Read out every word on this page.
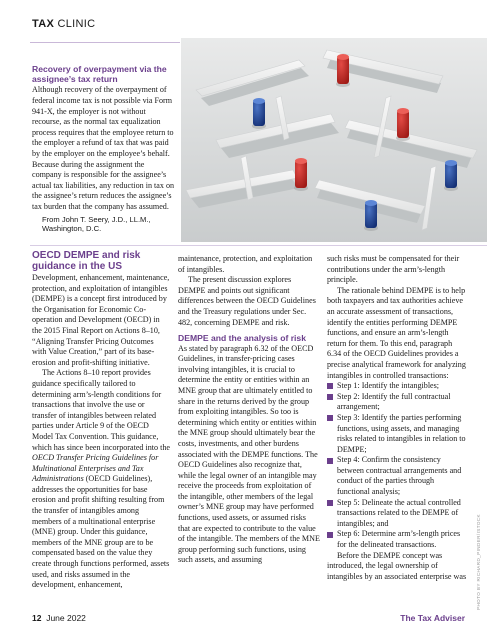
TAX CLINIC
Recovery of overpayment via the assignee’s tax return

Although recovery of the overpayment of federal income tax is not possible via Form 941-X, the employer is not without recourse, as the normal tax equalization process requires that the employee return to the employer a refund of tax that was paid by the employer on the employee’s behalf. Because during the assignment the company is responsible for the assignee’s actual tax liabilities, any reduction in tax on the assignee’s return reduces the assignee’s tax burden that the company has assumed.

From John T. Seery, J.D., LL.M.,
Washington, D.C.
OECD DEMPE and risk guidance in the US

Development, enhancement, maintenance, protection, and exploitation of intangibles (DEMPE) is a concept first introduced by the Organisation for Economic Co-operation and Development (OECD) in the 2015 Final Report on Actions 8–10, “Aligning Transfer Pricing Outcomes with Value Creation,” part of its base-erosion and profit-shifting initiative.

The Actions 8–10 report provides guidance specifically tailored to determining arm’s-length conditions for transactions that involve the use or transfer of intangibles between related parties under Article 9 of the OECD Model Tax Convention. This guidance, which has since been incorporated into the OECD Transfer Pricing Guidelines for Multinational Enterprises and Tax Administrations (OECD Guidelines), addresses the opportunities for base erosion and profit shifting resulting from the transfer of intangibles among members of a multinational enterprise (MNE) group. Under this guidance, members of the MNE group are to be compensated based on the value they create through functions performed, assets used, and risks assumed in the development, enhancement,

maintenance, protection, and exploitation of intangibles.

The present discussion explores DEMPE and points out significant differences between the OECD Guidelines and the Treasury regulations under Sec. 482, concerning DEMPE and risk.

DEMPE and the analysis of risk

As stated by paragraph 6.32 of the OECD Guidelines, in transfer-pricing cases involving intangibles, it is crucial to determine the entity or entities within an MNE group that are ultimately entitled to share in the returns derived by the group from exploiting intangibles. So too is determining which entity or entities within the MNE group should ultimately bear the costs, investments, and other burdens associated with the DEMPE functions. The OECD Guidelines also recognize that, while the legal owner of an intangible may receive the proceeds from exploitation of the intangible, other members of the legal owner’s MNE group may have performed functions, used assets, or assumed risks that are expected to contribute to the value of the intangible. The members of the MNE group performing such functions, using such assets, and assuming

such risks must be compensated for their contributions under the arm’s-length principle.

The rationale behind DEMPE is to help both taxpayers and tax authorities achieve an accurate assessment of transactions, identify the entities performing DEMPE functions, and ensure an arm’s-length return for them. To this end, paragraph 6.34 of the OECD Guidelines provides a precise analytical framework for analyzing intangibles in controlled transactions:

Step 1: Identify the intangibles;
Step 2: Identify the full contractual arrangement;
Step 3: Identify the parties performing functions, using assets, and managing risks related to intangibles in relation to DEMPE;
Step 4: Confirm the consistency between contractual arrangements and conduct of the parties through functional analysis;
Step 5: Delineate the actual controlled transactions related to the DEMPE of intangibles; and
Step 6: Determine arm’s-length prices for the delineated transactions.

Before the DEMPE concept was introduced, the legal ownership of intangibles by an associated enterprise was PHOTO BY RICHARD_PINDER/ISTOCK
12 June 2022	The Tax Adviser
